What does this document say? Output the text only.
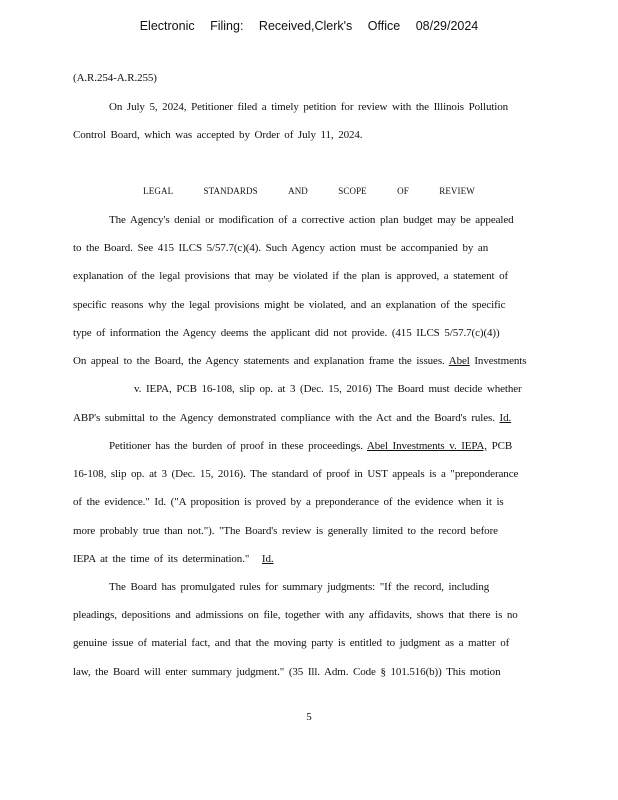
Electronic Filing: Received,Clerk's Office 08/29/2024
(A.R.254-A.R.255)
On July 5, 2024, Petitioner filed a timely petition for review with the Illinois Pollution
Control Board, which was accepted by Order of July 11, 2024.
LEGAL	STANDARDS	AND	SCOPE	OF	REVIEW
The Agency's denial or modification of a corrective action plan budget may be appealed
to the Board. See 415 ILCS 5/57.7(c)(4). Such Agency action must be accompanied by an
explanation of the legal provisions that may be violated if the plan is approved, a statement of
specific reasons why the legal provisions might be violated, and an explanation of the specific
type of information the Agency deems the applicant did not provide. (415 ILCS 5/57.7(c)(4))
On appeal to the Board, the Agency statements and explanation frame the issues. Abel Investments
v. IEPA, PCB 16-108, slip op. at 3 (Dec. 15, 2016) The Board must decide whether
ABP's submittal to the Agency demonstrated compliance with the Act and the Board's rules. Id.
Petitioner has the burden of proof in these proceedings. Abel Investments v. IEPA, PCB
16-108, slip op. at 3 (Dec. 15, 2016). The standard of proof in UST appeals is a "preponderance
of the evidence." Id. ("A proposition is proved by a preponderance of the evidence when it is
more probably true than not."). "The Board's review is generally limited to the record before
IEPA at the time of its determination." Id.
The Board has promulgated rules for summary judgments: "If the record, including
pleadings, depositions and admissions on file, together with any affidavits, shows that there is no
genuine issue of material fact, and that the moving party is entitled to judgment as a matter of
law, the Board will enter summary judgment." (35 Ill. Adm. Code § 101.516(b)) This motion
5
